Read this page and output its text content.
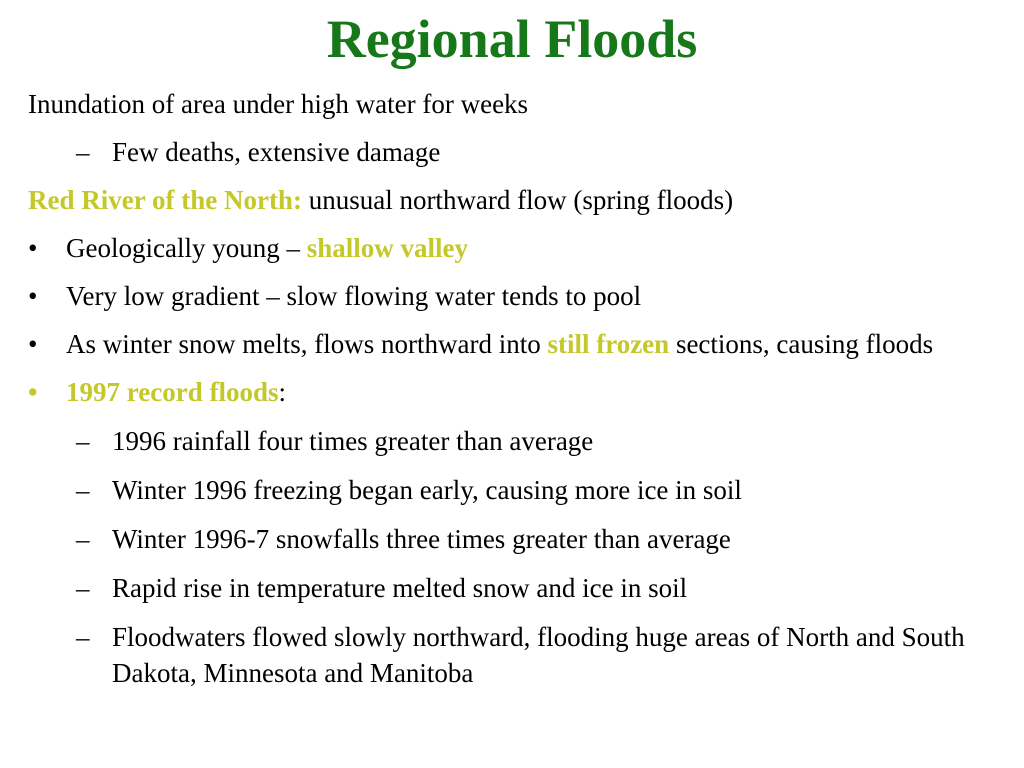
Regional Floods
Inundation of area under high water for weeks
– Few deaths, extensive damage
Red River of the North: unusual northward flow (spring floods)
• Geologically young – shallow valley
• Very low gradient – slow flowing water tends to pool
• As winter snow melts, flows northward into still frozen sections, causing floods
• 1997 record floods:
– 1996 rainfall four times greater than average
– Winter 1996 freezing began early, causing more ice in soil
– Winter 1996-7 snowfalls three times greater than average
– Rapid rise in temperature melted snow and ice in soil
– Floodwaters flowed slowly northward, flooding huge areas of North and South Dakota, Minnesota and Manitoba
